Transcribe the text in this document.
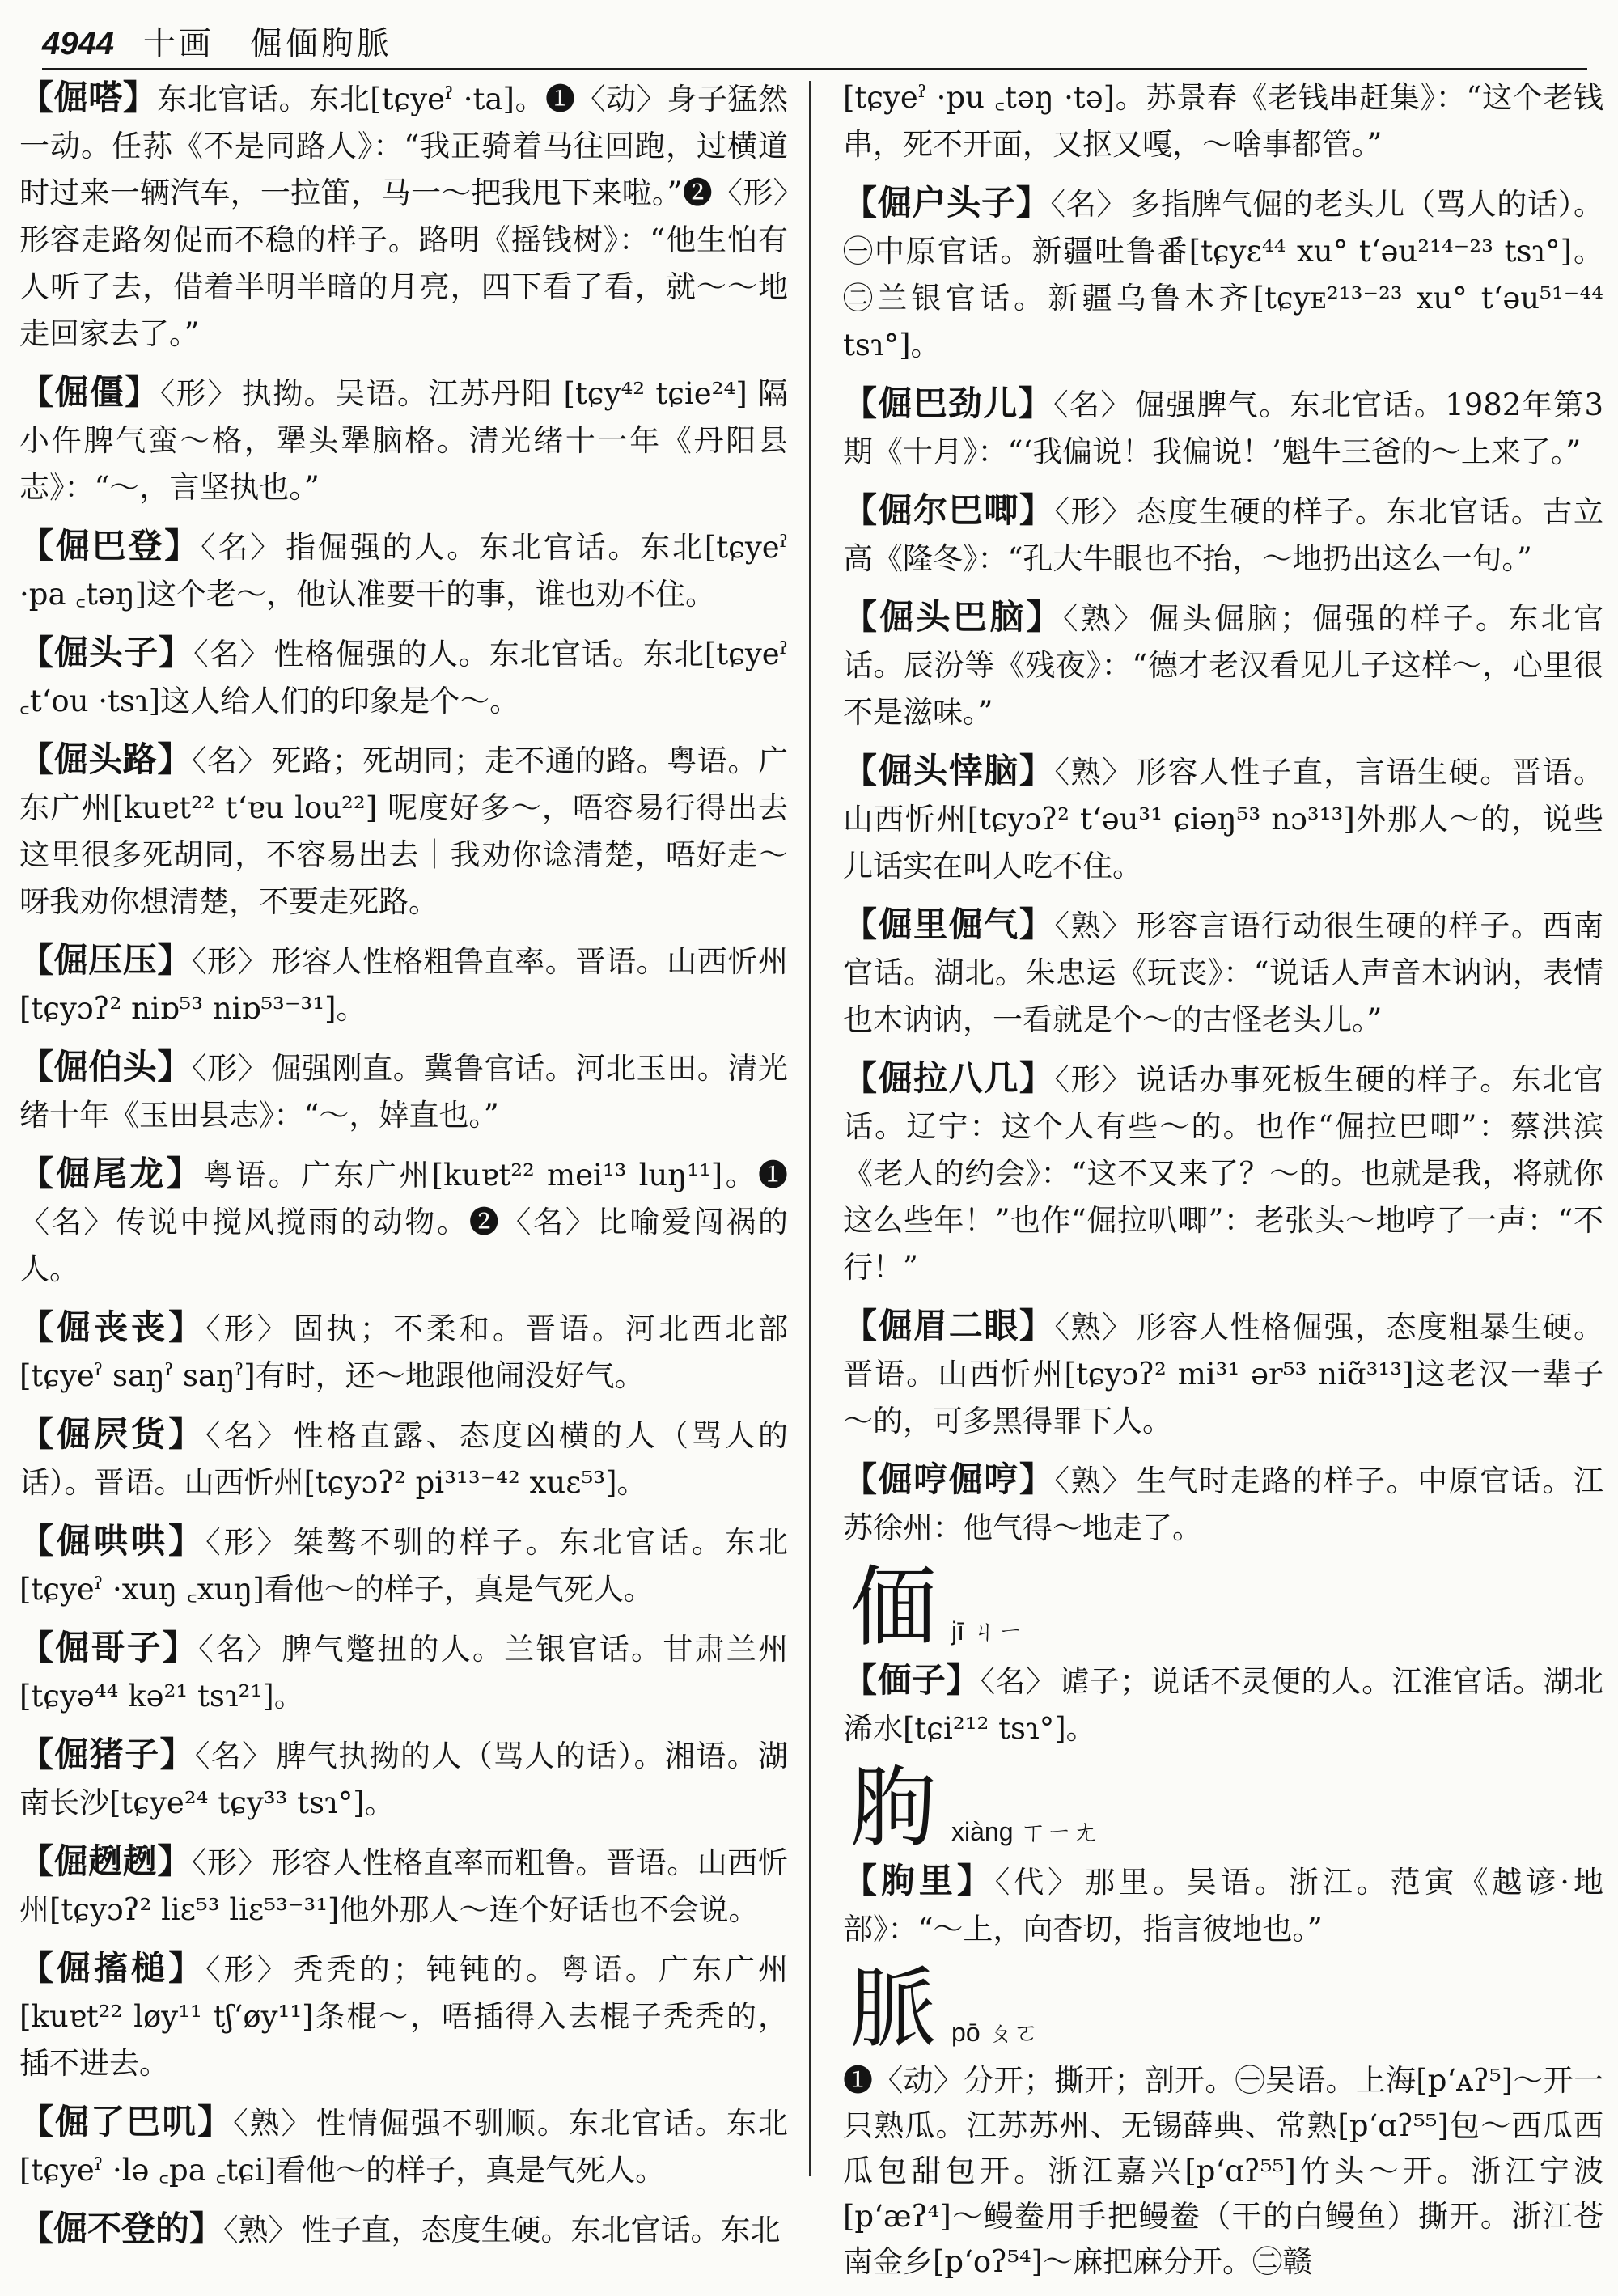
4944 十画　倔偭胊脈

【倔嗒】东北官话。东北[tɕyeˀ ·ta]。❶〈动〉身子猛然一动。任荪《不是同路人》：“我正骑着马往回跑，过横道时过来一辆汽车，一拉笛，马一～把我甩下来啦。”❷〈形〉形容走路匆促而不稳的样子。路明《摇钱树》：“他生怕有人听了去，借着半明半暗的月亮，四下看了看，就～～地走回家去了。”

【倔僵】〈形〉 执拗。吴语。江苏丹阳 [tɕy⁴² tɕie²⁴] 隔小仵脾气蛮～格，犟头犟脑格。清光绪十一年《丹阳县志》：“～，言坚执也。”

【倔巴登】〈名〉 指倔强的人。东北官话。东北[tɕyeˀ ·pa ꜀təŋ]这个老～，他认准要干的事，谁也劝不住。

【倔头子】〈名〉 性格倔强的人。东北官话。东北[tɕyeˀ ꜀t‘ou ·tsɿ]这人给人们的印象是个～。

【倔头路】〈名〉 死路；死胡同；走不通的路。粤语。广东广州[kuɐt²² t‘ɐu lou²²] 呢度好多～，唔容易行得出去这里很多死胡同，不容易出去｜我劝你谂清楚，唔好走～呀我劝你想清楚，不要走死路。

【倔压压】〈形〉 形容人性格粗鲁直率。晋语。山西忻州[tɕyɔʔ² niɒ⁵³ niɒ⁵³⁻³¹]。

【倔伯头】〈形〉 倔强刚直。冀鲁官话。河北玉田。清光绪十年《玉田县志》：“～，婞直也。”

【倔尾龙】粤语。广东广州[kuɐt²² mei¹³ luŋ¹¹]。❶〈名〉传说中搅风搅雨的动物。❷〈名〉比喻爱闯祸的人。

【倔丧丧】〈形〉 固执；不柔和。晋语。河北西北部[tɕyeˀ saŋˀ saŋˀ]有时，还～地跟他闹没好气。

【倔屄货】〈名〉 性格直露、态度凶横的人（骂人的话）。晋语。山西忻州[tɕyɔʔ² pi³¹³⁻⁴² xuɛ⁵³]。

【倔哄哄】〈形〉 桀骜不驯的样子。东北官话。东北[tɕyeˀ ·xuŋ ꜀xuŋ]看他～的样子，真是气死人。

【倔哥子】〈名〉 脾气蹩扭的人。兰银官话。甘肃兰州[tɕyə⁴⁴ kə²¹ tsɿ²¹]。

【倔猪子】〈名〉 脾气执拗的人（骂人的话）。湘语。湖南长沙[tɕye²⁴ tɕy³³ tsɿ°]。

【倔趔趔】〈形〉 形容人性格直率而粗鲁。晋语。山西忻州[tɕyɔʔ² liɛ⁵³ liɛ⁵³⁻³¹]他外那人～连个好话也不会说。

【倔搐槌】〈形〉 秃秃的；钝钝的。粤语。广东广州[kuɐt²² løy¹¹ tʃ‘øy¹¹]条棍～，唔插得入去棍子秃秃的，插不进去。

【倔了巴叽】〈熟〉 性情倔强不驯顺。东北官话。东北[tɕyeˀ ·lə ꜀pa ꜀tɕi]看他～的样子，真是气死人。

【倔不登的】〈熟〉 性子直，态度生硬。东北官话。东北

[tɕyeˀ ·pu ꜀təŋ ·tə]。苏景春《老钱串赶集》：“这个老钱串，死不开面，又抠又嘎，～啥事都管。”

【倔户头子】〈名〉 多指脾气倔的老头儿（骂人的话）。㊀中原官话。新疆吐鲁番[tɕyɛ⁴⁴ xu° t‘əu²¹⁴⁻²³ tsɿ°]。㊁兰银官话。新疆乌鲁木齐[tɕyᴇ²¹³⁻²³ xu° t‘əu⁵¹⁻⁴⁴ tsɿ°]。

【倔巴劲儿】〈名〉 倔强脾气。东北官话。1982年第3期《十月》：“‘我偏说！我偏说！’魁牛三爸的～上来了。”

【倔尔巴唧】〈形〉 态度生硬的样子。东北官话。古立高《隆冬》：“孔大牛眼也不抬，～地扔出这么一句。”

【倔头巴脑】〈熟〉 倔头倔脑；倔强的样子。东北官话。辰汾等《残夜》：“德才老汉看见儿子这样～，心里很不是滋味。”

【倔头悻脑】〈熟〉 形容人性子直，言语生硬。晋语。山西忻州[tɕyɔʔ² t‘əu³¹ ɕiəŋ⁵³ nɔ³¹³]外那人～的，说些儿话实在叫人吃不住。

【倔里倔气】〈熟〉 形容言语行动很生硬的样子。西南官话。湖北。朱忠运《玩丧》：“说话人声音木讷讷，表情也木讷讷，一看就是个～的古怪老头儿。”

【倔拉八几】〈形〉 说话办事死板生硬的样子。东北官话。辽宁：这个人有些～的。也作“倔拉巴唧”：蔡洪滨《老人的约会》：“这不又来了？～的。也就是我，将就你这么些年！”也作“倔拉叭唧”：老张头～地哼了一声：“不行！”

【倔眉二眼】〈熟〉 形容人性格倔强，态度粗暴生硬。晋语。山西忻州[tɕyɔʔ² mi³¹ ər⁵³ niɑ̃³¹³]这老汉一辈子～的，可多黑得罪下人。

【倔哼倔哼】〈熟〉 生气时走路的样子。中原官话。江苏徐州：他气得～地走了。

偭 jī ㄐㄧ

【偭子】〈名〉 谑子；说话不灵便的人。江淮官话。湖北浠水[tɕi²¹² tsɿ°]。

胊 xiàng ㄒㄧㄤ

【胊里】〈代〉 那里。吴语。浙江。范寅《越谚·地部》：“～上，向杳切，指言彼地也。”

脈 pō ㄆㄛ

❶〈动〉分开；撕开；剖开。㊀吴语。上海[p‘ᴀʔ⁵]～开一只熟瓜。江苏苏州、无锡薛典、常熟[p‘ɑʔ⁵⁵]包～西瓜西瓜包甜包开。浙江嘉兴[p‘ɑʔ⁵⁵]竹头～开。浙江宁波[p‘æʔ⁴]～鳗鲞用手把鳗鲞（干的白鳗鱼）撕开。浙江苍南金乡[p‘oʔ⁵⁴]～麻把麻分开。㊁赣
